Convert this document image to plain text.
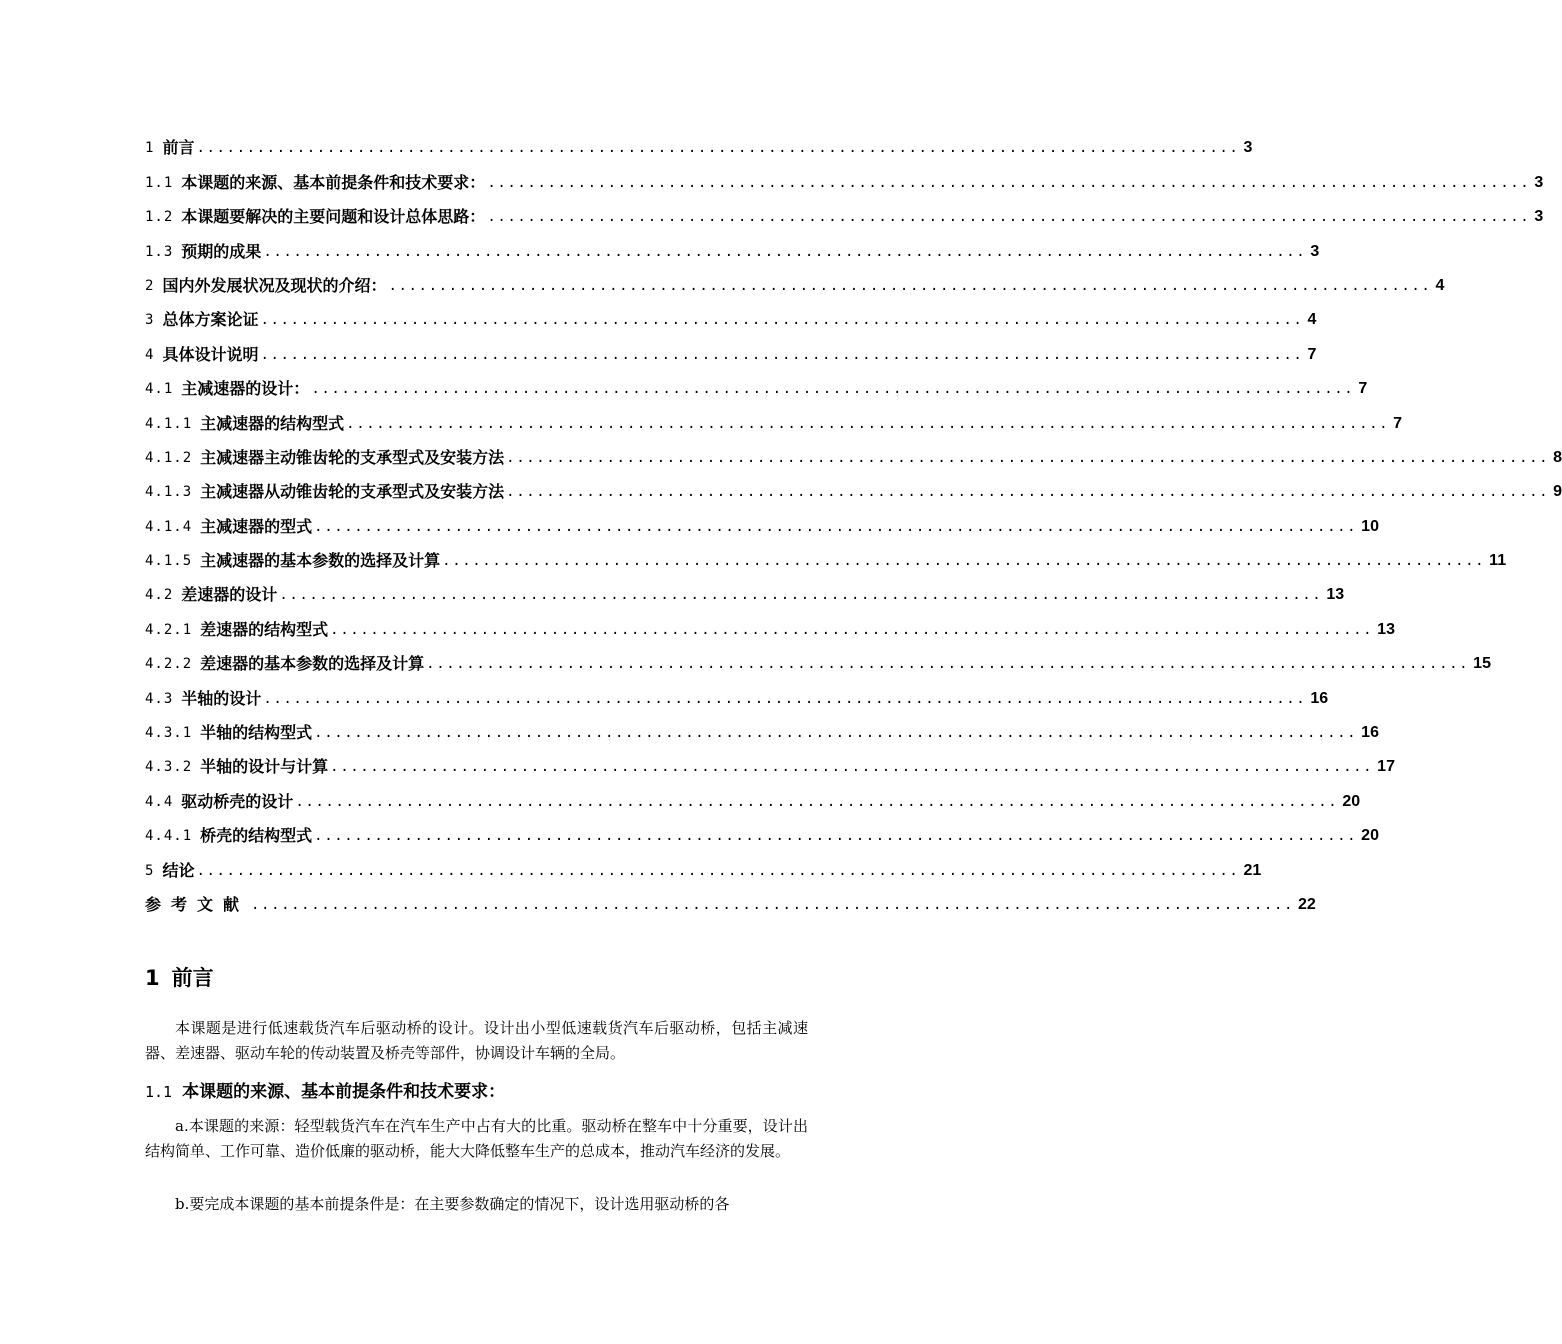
1 前言 ........................................................................................................ 3
1.1 本课题的来源、基本前提条件和技术要求： ........................................................................................................ 3
1.2 本课题要解决的主要问题和设计总体思路： ........................................................................................................ 3
1.3 预期的成果 ........................................................................................................ 3
2 国内外发展状况及现状的介绍： ........................................................................................................ 4
3 总体方案论证 ........................................................................................................ 4
4 具体设计说明 ........................................................................................................ 7
4.1 主减速器的设计： ........................................................................................................ 7
4.1.1 主减速器的结构型式 ........................................................................................................ 7
4.1.2 主减速器主动锥齿轮的支承型式及安装方法 ........................................................................................................ 8
4.1.3 主减速器从动锥齿轮的支承型式及安装方法 ........................................................................................................ 9
4.1.4 主减速器的型式 ........................................................................................................ 10
4.1.5 主减速器的基本参数的选择及计算 ........................................................................................................ 11
4.2 差速器的设计 ........................................................................................................ 13
4.2.1 差速器的结构型式 ........................................................................................................ 13
4.2.2 差速器的基本参数的选择及计算 ........................................................................................................ 15
4.3 半轴的设计 ........................................................................................................ 16
4.3.1 半轴的结构型式 ........................................................................................................ 16
4.3.2 半轴的设计与计算 ........................................................................................................ 17
4.4 驱动桥壳的设计 ........................................................................................................ 20
4.4.1 桥壳的结构型式 ........................................................................................................ 20
5 结论 ........................................................................................................ 21
参考文献 ........................................................................................................ 22
1 前言

本课题是进行低速载货汽车后驱动桥的设计。设计出小型低速载货汽车后驱动桥，包括主减速器、差速器、驱动车轮的传动装置及桥壳等部件，协调设计车辆的全局。

1.1 本课题的来源、基本前提条件和技术要求：

a.本课题的来源：轻型载货汽车在汽车生产中占有大的比重。驱动桥在整车中十分重要，设计出结构简单、工作可靠、造价低廉的驱动桥，能大大降低整车生产的总成本，推动汽车经济的发展。

b.要完成本课题的基本前提条件是：在主要参数确定的情况下，设计选用驱动桥的各
